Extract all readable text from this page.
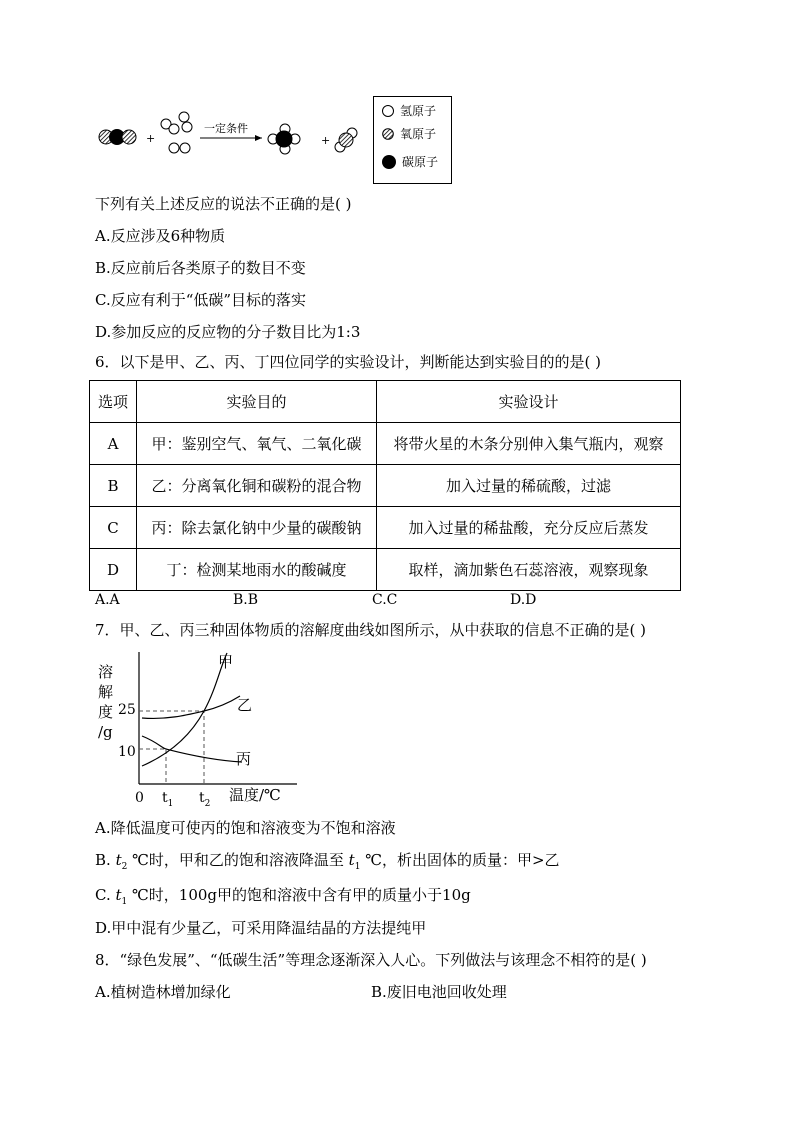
+
一定条件
+
氢原子
氧原子
碳原子
下列有关上述反应的说法不正确的是( )
A.反应涉及6种物质
B.反应前后各类原子的数目不变
C.反应有利于“低碳”目标的落实
D.参加反应的反应物的分子数目比为1:3
6．以下是甲、乙、丙、丁四位同学的实验设计，判断能达到实验目的的是( )
选项	实验目的	实验设计
A	甲：鉴别空气、氧气、二氧化碳	将带火星的木条分别伸入集气瓶内，观察
B	乙：分离氧化铜和碳粉的混合物	加入过量的稀硫酸，过滤
C	丙：除去氯化钠中少量的碳酸钠	加入过量的稀盐酸，充分反应后蒸发
D	丁：检测某地雨水的酸碱度	取样，滴加紫色石蕊溶液，观察现象
A.A	B.B	C.C	D.D
7．甲、乙、丙三种固体物质的溶解度曲线如图所示，从中获取的信息不正确的是( )
溶
解
度
/g
25
10
0 $t_1$ $t_2$ 温度/℃
甲
乙
丙
A.降低温度可使丙的饱和溶液变为不饱和溶液
B. $t_2$ ℃时，甲和乙的饱和溶液降温至 $t_1$ ℃，析出固体的质量：甲>乙
C. $t_1$ ℃时，100g甲的饱和溶液中含有甲的质量小于10g
D.甲中混有少量乙，可采用降温结晶的方法提纯甲
8．“绿色发展”、“低碳生活”等理念逐渐深入人心。下列做法与该理念不相符的是( )
A.植树造林增加绿化	B.废旧电池回收处理
